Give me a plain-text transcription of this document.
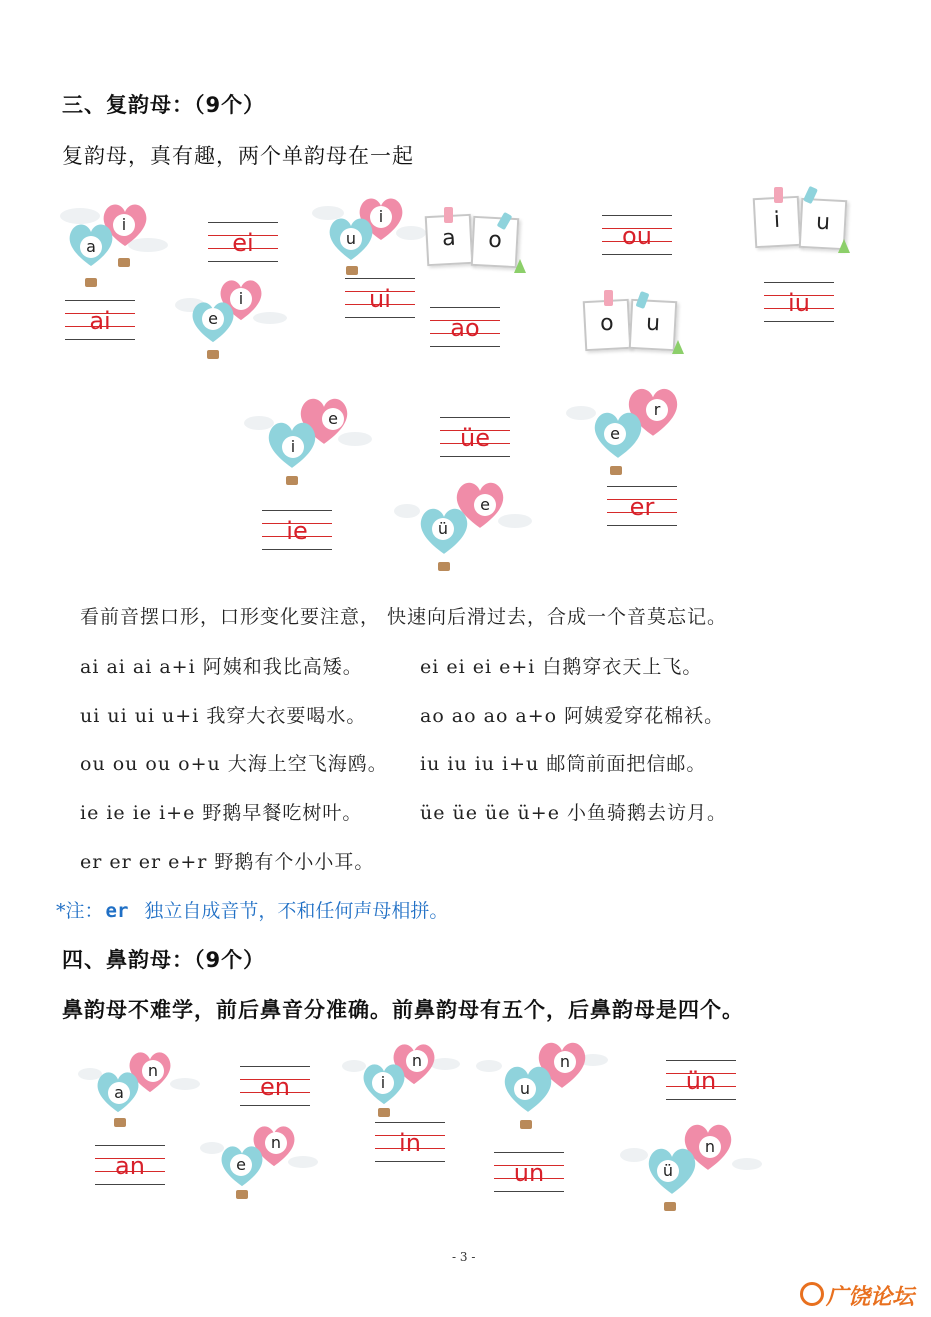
三、复韵母：（9个）
复韵母，真有趣，两个单韵母在一起
i
a
ai
ei
i
e
i
u
ui
a	o
ao
ou
o	u
i	u
iu
e
i
ie
üe
e
ü
r
e
er
看前音摆口形，口形变化要注意， 快速向后滑过去，合成一个音莫忘记。
ai ai ai a+i 阿姨和我比高矮。	ei ei ei e+i 白鹅穿衣天上飞。
ui ui ui u+i 我穿大衣要喝水。	ao ao ao a+o 阿姨爱穿花棉袄。
ou ou ou o+u 大海上空飞海鸥。 iu iu iu i+u 邮筒前面把信邮。
ie ie ie i+e 野鹅早餐吃树叶。	üe üe üe ü+e 小鱼骑鹅去访月。
er er er e+r 野鹅有个小小耳。
*注： er 独立自成音节，不和任何声母相拼。
四、鼻韵母：（9个）
鼻韵母不难学，前后鼻音分准确。前鼻韵母有五个，后鼻韵母是四个。
n
a
an
en
n
e
n
i
in
n
u
un
ün
n
ü
- 3 -
广饶论坛
